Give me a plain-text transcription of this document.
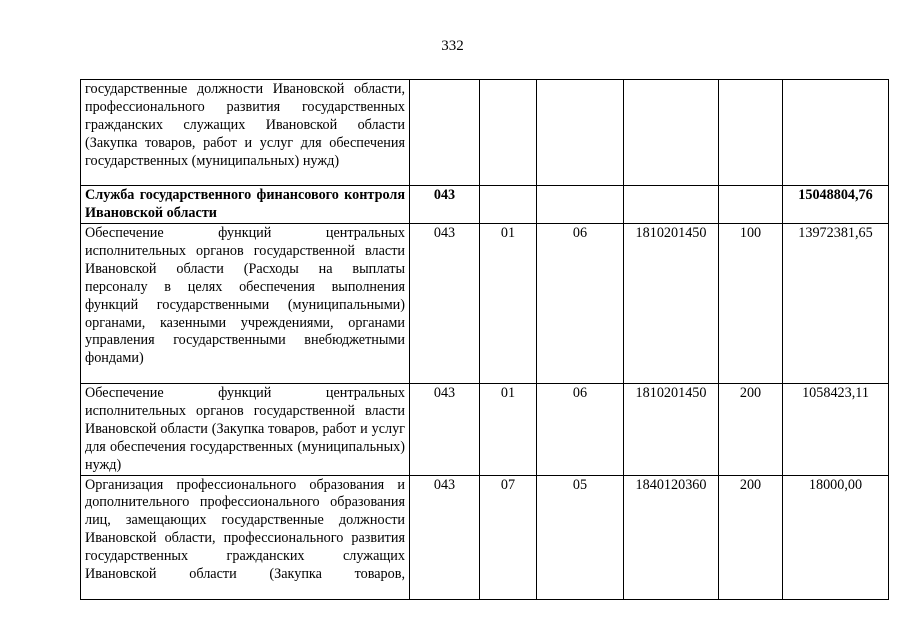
332
государственные должности Ивановской области, профессионального развития государственных гражданских служащих Ивановской области (Закупка товаров, работ и услуг для обеспечения государственных (муниципальных) нужд)						
Служба государственного финансового контроля Ивановской области	043					15048804,76
Обеспечение функций центральных исполнительных органов государственной власти Ивановской области (Расходы на выплаты персоналу в целях обеспечения выполнения функций государственными (муниципальными) органами, казенными учреждениями, органами управления государственными внебюджетными фондами)	043	01	06	1810201450	100	13972381,65
Обеспечение функций центральных исполнительных органов государственной власти Ивановской области (Закупка товаров, работ и услуг для обеспечения государственных (муниципальных) нужд)	043	01	06	1810201450	200	1058423,11
Организация профессионального образования и дополнительного профессионального образования лиц, замещающих государственные должности Ивановской области, профессионального развития государственных гражданских служащих Ивановской области (Закупка товаров,	043	07	05	1840120360	200	18000,00
